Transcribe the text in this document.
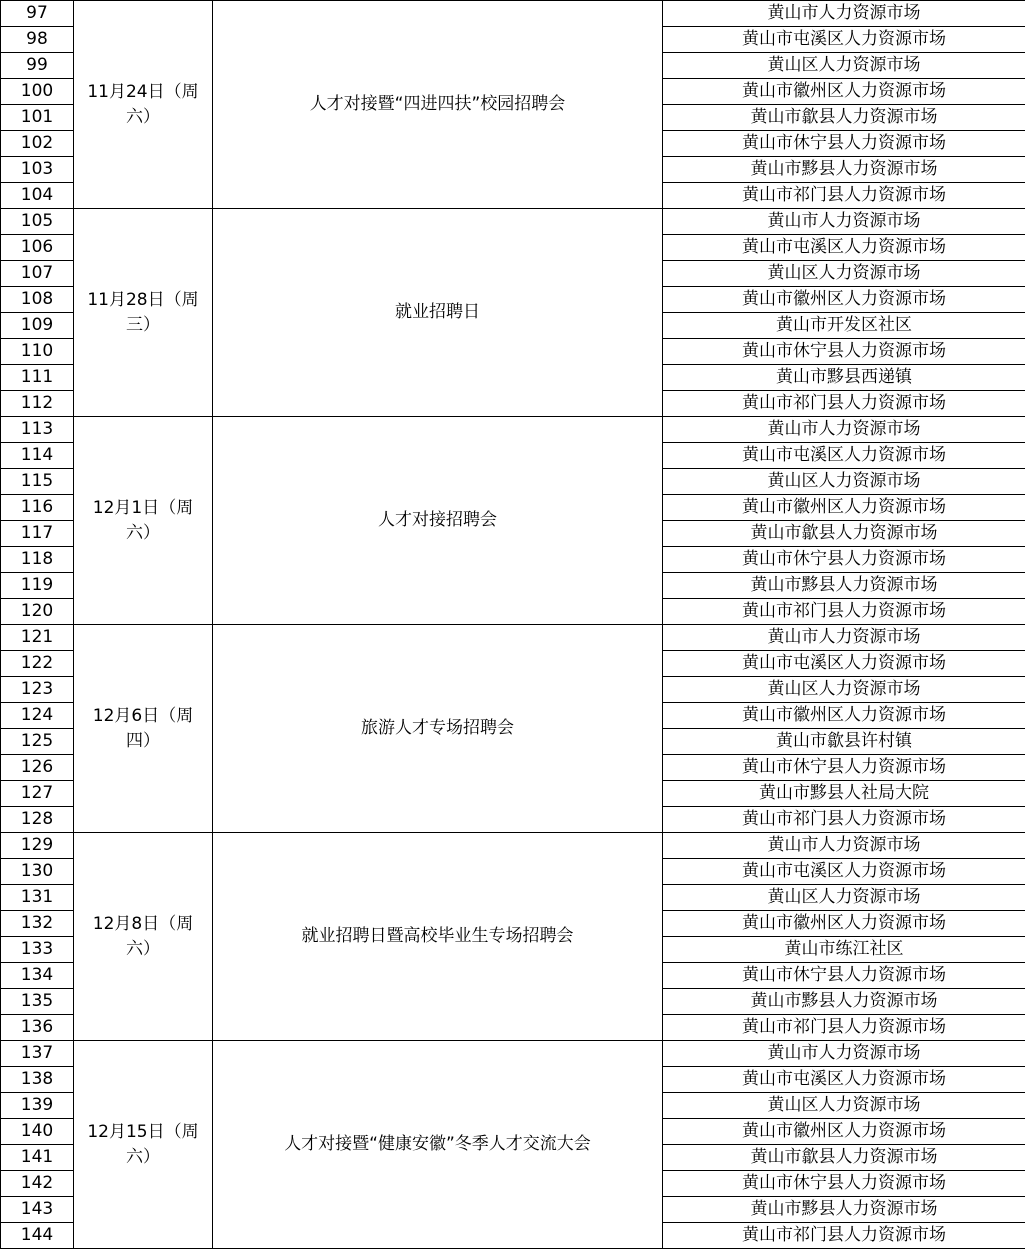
97	11月24日（周六）	人才对接暨“四进四扶”校园招聘会	黄山市人力资源市场
98			黄山市屯溪区人力资源市场
99			黄山区人力资源市场
100			黄山市徽州区人力资源市场
101			黄山市歙县人力资源市场
102			黄山市休宁县人力资源市场
103			黄山市黟县人力资源市场
104			黄山市祁门县人力资源市场
105	11月28日（周三）	就业招聘日	黄山市人力资源市场
106			黄山市屯溪区人力资源市场
107			黄山区人力资源市场
108			黄山市徽州区人力资源市场
109			黄山市开发区社区
110			黄山市休宁县人力资源市场
111			黄山市黟县西递镇
112			黄山市祁门县人力资源市场
113	12月1日（周六）	人才对接招聘会	黄山市人力资源市场
114			黄山市屯溪区人力资源市场
115			黄山区人力资源市场
116			黄山市徽州区人力资源市场
117			黄山市歙县人力资源市场
118			黄山市休宁县人力资源市场
119			黄山市黟县人力资源市场
120			黄山市祁门县人力资源市场
121	12月6日（周四）	旅游人才专场招聘会	黄山市人力资源市场
122			黄山市屯溪区人力资源市场
123			黄山区人力资源市场
124			黄山市徽州区人力资源市场
125			黄山市歙县许村镇
126			黄山市休宁县人力资源市场
127			黄山市黟县人社局大院
128			黄山市祁门县人力资源市场
129	12月8日（周六）	就业招聘日暨高校毕业生专场招聘会	黄山市人力资源市场
130			黄山市屯溪区人力资源市场
131			黄山区人力资源市场
132			黄山市徽州区人力资源市场
133			黄山市练江社区
134			黄山市休宁县人力资源市场
135			黄山市黟县人力资源市场
136			黄山市祁门县人力资源市场
137	12月15日（周六）	人才对接暨“健康安徽”冬季人才交流大会	黄山市人力资源市场
138			黄山市屯溪区人力资源市场
139			黄山区人力资源市场
140			黄山市徽州区人力资源市场
141			黄山市歙县人力资源市场
142			黄山市休宁县人力资源市场
143			黄山市黟县人力资源市场
144			黄山市祁门县人力资源市场
